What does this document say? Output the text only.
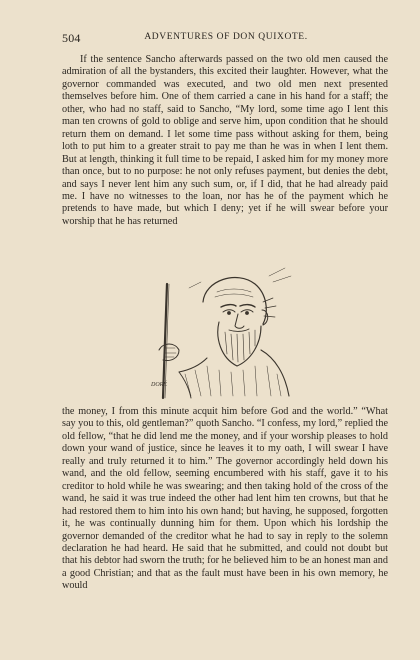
504	ADVENTURES OF DON QUIXOTE.

If the sentence Sancho afterwards passed on the two old men caused the admiration of all the bystanders, this excited their laughter. However, what the governor commanded was executed, and two old men next presented themselves before him. One of them carried a cane in his hand for a staff; the other, who had no staff, said to Sancho, “My lord, some time ago I lent this man ten crowns of gold to oblige and serve him, upon condition that he should return them on demand. I let some time pass without asking for them, being loth to put him to a greater strait to pay me than he was in when I lent them. But at length, thinking it full time to be repaid, I asked him for my money more than once, but to no purpose: he not only refuses payment, but denies the debt, and says I never lent him any such sum, or, if I did, that he had already paid me. I have no witnesses to the loan, nor has he of the payment which he pretends to have made, but which I deny; yet if he will swear before your worship that he has returned

DORÉ

the money, I from this minute acquit him before God and the world.” “What say you to this, old gentleman?” quoth Sancho. “I confess, my lord,” replied the old fellow, “that he did lend me the money, and if your worship pleases to hold down your wand of justice, since he leaves it to my oath, I will swear I have really and truly returned it to him.” The governor accordingly held down his wand, and the old fellow, seeming encumbered with his staff, gave it to his creditor to hold while he was swearing; and then taking hold of the cross of the wand, he said it was true indeed the other had lent him ten crowns, but that he had restored them to him into his own hand; but having, he supposed, forgotten it, he was continually dunning him for them. Upon which his lordship the governor demanded of the creditor what he had to say in reply to the solemn declaration he had heard. He said that he submitted, and could not doubt but that his debtor had sworn the truth; for he believed him to be an honest man and a good Christian; and that as the fault must have been in his own memory, he would
